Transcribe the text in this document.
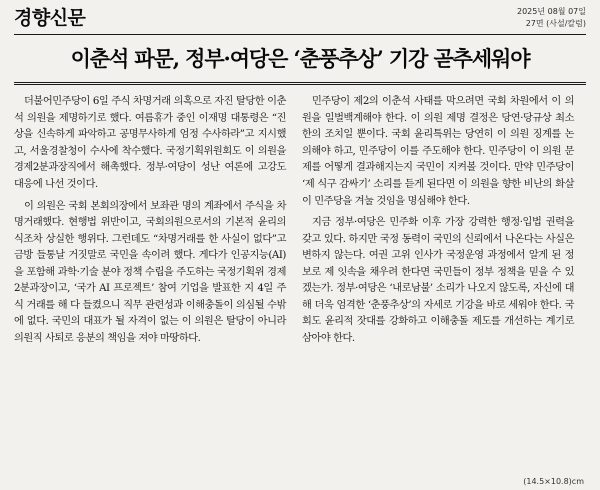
경향신문	2025년 08월 07일
27면 (사설/칼럼)
이춘석 파문, 정부·여당은 ‘춘풍추상’ 기강 곧추세워야

더불어민주당이 6일 주식 차명거래 의혹으로 자진 탈당한 이춘석 의원을 제명하기로 했다. 여름휴가 중인 이재명 대통령은 “진상을 신속하게 파악하고 공명무사하게 엄정 수사하라”고 지시했고, 서울경찰청이 수사에 착수했다. 국정기획위원회도 이 의원을 경제2분과장직에서 해촉했다. 정부·여당이 성난 여론에 고강도 대응에 나선 것이다.

이 의원은 국회 본회의장에서 보좌관 명의 계좌에서 주식을 차명거래했다. 현행법 위반이고, 국회의원으로서의 기본적 윤리의식조차 상실한 행위다. 그런데도 “차명거래를 한 사실이 없다”고 금방 들통날 거짓말로 국민을 속이려 했다. 게다가 인공지능(AI)을 포함해 과학·기술 분야 정책 수립을 주도하는 국정기획위 경제2분과장이고, ‘국가 AI 프로젝트’ 참여 기업을 발표한 지 4일 주식 거래를 해 다 들켰으니 직무 관련성과 이해충돌이 의심될 수밖에 없다. 국민의 대표가 될 자격이 없는 이 의원은 탈당이 아니라 의원직 사퇴로 응분의 책임을 져야 마땅하다.

민주당이 제2의 이춘석 사태를 막으려면 국회 차원에서 이 의원을 일벌백계해야 한다. 이 의원 제명 결정은 당연·당규상 최소한의 조치일 뿐이다. 국회 윤리특위는 당연히 이 의원 징계를 논의해야 하고, 민주당이 이를 주도해야 한다. 민주당이 이 의원 문제를 어떻게 결과해지는지 국민이 지켜볼 것이다. 만약 민주당이 ‘제 식구 감싸기’ 소리를 듣게 된다면 이 의원을 향한 비난의 화살이 민주당을 겨눌 것임을 명심해야 한다.

지금 정부·여당은 민주화 이후 가장 강력한 행정·입법 권력을 갖고 있다. 하지만 국정 동력이 국민의 신뢰에서 나온다는 사실은 변하지 않는다. 여권 고위 인사가 국정운영 과정에서 알게 된 정보로 제 잇속을 채우려 한다면 국민들이 정부 정책을 믿을 수 있겠는가. 정부·여당은 ‘내로남불’ 소리가 나오지 않도록, 자신에 대해 더욱 엄격한 ‘춘풍추상’의 자세로 기강을 바로 세워야 한다. 국회도 윤리적 잣대를 강화하고 이해충돌 제도를 개선하는 계기로 삼아야 한다.

(14.5×10.8)cm
